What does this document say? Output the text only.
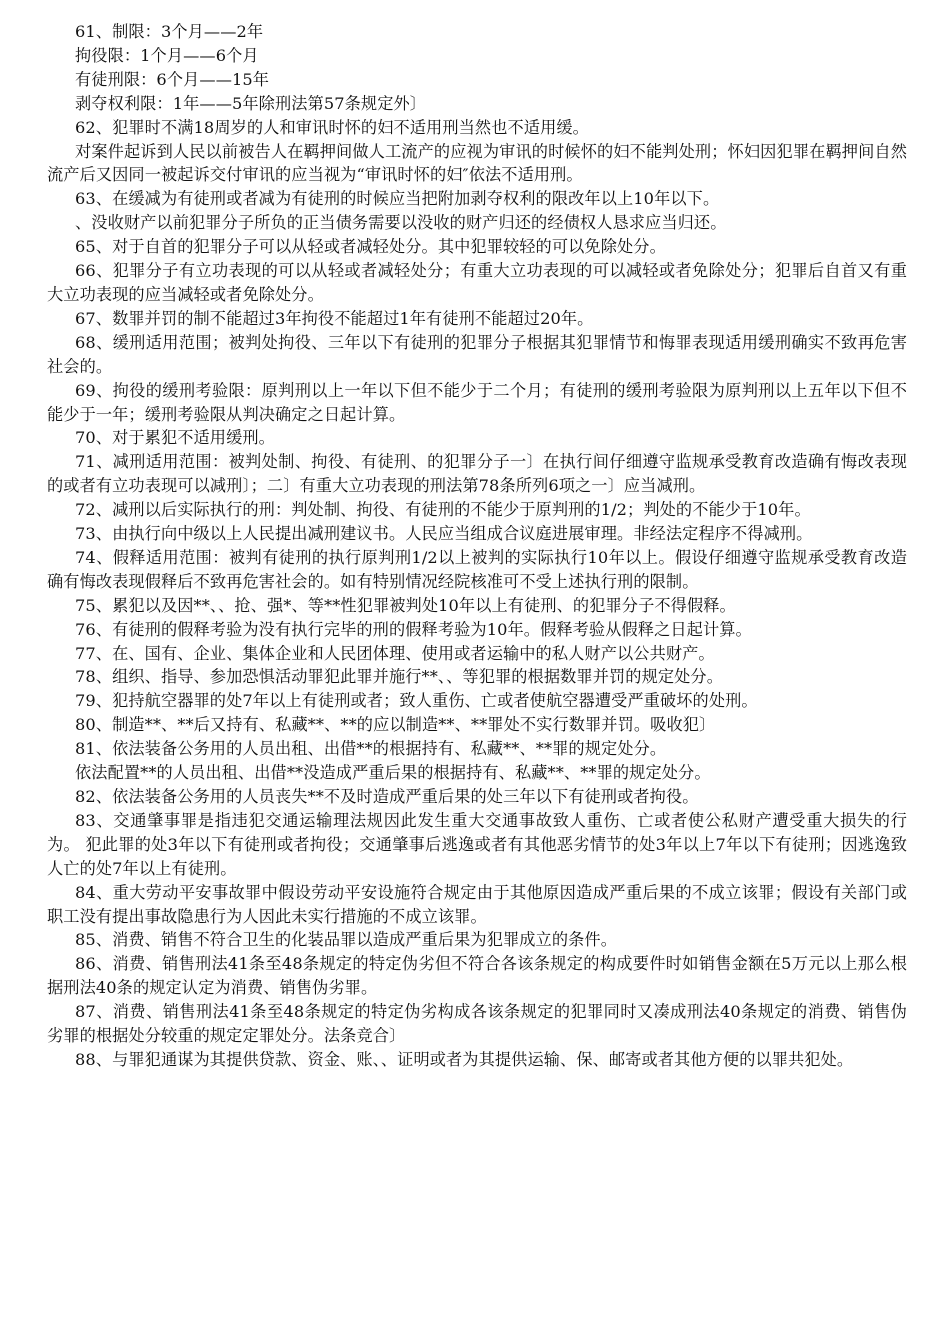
61、制限：3个月——2年

拘役限：1个月——6个月

有徒刑限：6个月——15年

剥夺权利限：1年——5年除刑法第57条规定外〕

62、犯罪时不满18周岁的人和审讯时怀的妇不适用刑当然也不适用缓。

对案件起诉到人民以前被告人在羁押间做人工流产的应视为审讯的时候怀的妇不能判处刑；怀妇因犯罪在羁押间自然流产后又因同一被起诉交付审讯的应当视为“审讯时怀的妇″依法不适用刑。

63、在缓减为有徒刑或者减为有徒刑的时候应当把附加剥夺权利的限改年以上10年以下。

、没收财产以前犯罪分子所负的正当债务需要以没收的财产归还的经债权人恳求应当归还。

65、对于自首的犯罪分子可以从轻或者减轻处分。其中犯罪较轻的可以免除处分。

66、犯罪分子有立功表现的可以从轻或者减轻处分；有重大立功表现的可以减轻或者免除处分；犯罪后自首又有重大立功表现的应当减轻或者免除处分。

67、数罪并罚的制不能超过3年拘役不能超过1年有徒刑不能超过20年。

68、缓刑适用范围；被判处拘役、三年以下有徒刑的犯罪分子根据其犯罪情节和悔罪表现适用缓刑确实不致再危害社会的。

69、拘役的缓刑考验限：原判刑以上一年以下但不能少于二个月；有徒刑的缓刑考验限为原判刑以上五年以下但不能少于一年；缓刑考验限从判决确定之日起计算。

70、对于累犯不适用缓刑。

71、减刑适用范围：被判处制、拘役、有徒刑、的犯罪分子一〕在执行间仔细遵守监规承受教育改造确有悔改表现的或者有立功表现可以减刑〕；二〕有重大立功表现的刑法第78条所列6项之一〕应当减刑。

72、减刑以后实际执行的刑：判处制、拘役、有徒刑的不能少于原判刑的1/2；判处的不能少于10年。

73、由执行向中级以上人民提出减刑建议书。人民应当组成合议庭进展审理。非经法定程序不得减刑。

74、假释适用范围：被判有徒刑的执行原判刑1/2以上被判的实际执行10年以上。假设仔细遵守监规承受教育改造确有悔改表现假释后不致再危害社会的。如有特别情况经院核准可不受上述执行刑的限制。

75、累犯以及因**、、抢、强*、等**性犯罪被判处10年以上有徒刑、的犯罪分子不得假释。

76、有徒刑的假释考验为没有执行完毕的刑的假释考验为10年。假释考验从假释之日起计算。

77、在、国有、企业、集体企业和人民团体理、使用或者运输中的私人财产以公共财产。

78、组织、指导、参加恐惧活动罪犯此罪并施行**、、等犯罪的根据数罪并罚的规定处分。

79、犯持航空器罪的处7年以上有徒刑或者；致人重伤、亡或者使航空器遭受严重破坏的处刑。

80、制造**、**后又持有、私藏**、**的应以制造**、**罪处不实行数罪并罚。吸收犯〕

81、依法装备公务用的人员出租、出借**的根据持有、私藏**、**罪的规定处分。

依法配置**的人员出租、出借**没造成严重后果的根据持有、私藏**、**罪的规定处分。

82、依法装备公务用的人员丧失**不及时造成严重后果的处三年以下有徒刑或者拘役。

83、交通肇事罪是指违犯交通运输理法规因此发生重大交通事故致人重伤、亡或者使公私财产遭受重大损失的行为。 犯此罪的处3年以下有徒刑或者拘役；交通肇事后逃逸或者有其他恶劣情节的处3年以上7年以下有徒刑；因逃逸致人亡的处7年以上有徒刑。

84、重大劳动平安事故罪中假设劳动平安设施符合规定由于其他原因造成严重后果的不成立该罪；假设有关部门或职工没有提出事故隐患行为人因此未实行措施的不成立该罪。

85、消费、销售不符合卫生的化装品罪以造成严重后果为犯罪成立的条件。

86、消费、销售刑法41条至48条规定的特定伪劣但不符合各该条规定的构成要件时如销售金额在5万元以上那么根据刑法40条的规定认定为消费、销售伪劣罪。

87、消费、销售刑法41条至48条规定的特定伪劣构成各该条规定的犯罪同时又凑成刑法40条规定的消费、销售伪劣罪的根据处分较重的规定定罪处分。法条竞合〕

88、与罪犯通谋为其提供贷款、资金、账、、证明或者为其提供运输、保、邮寄或者其他方便的以罪共犯处。
